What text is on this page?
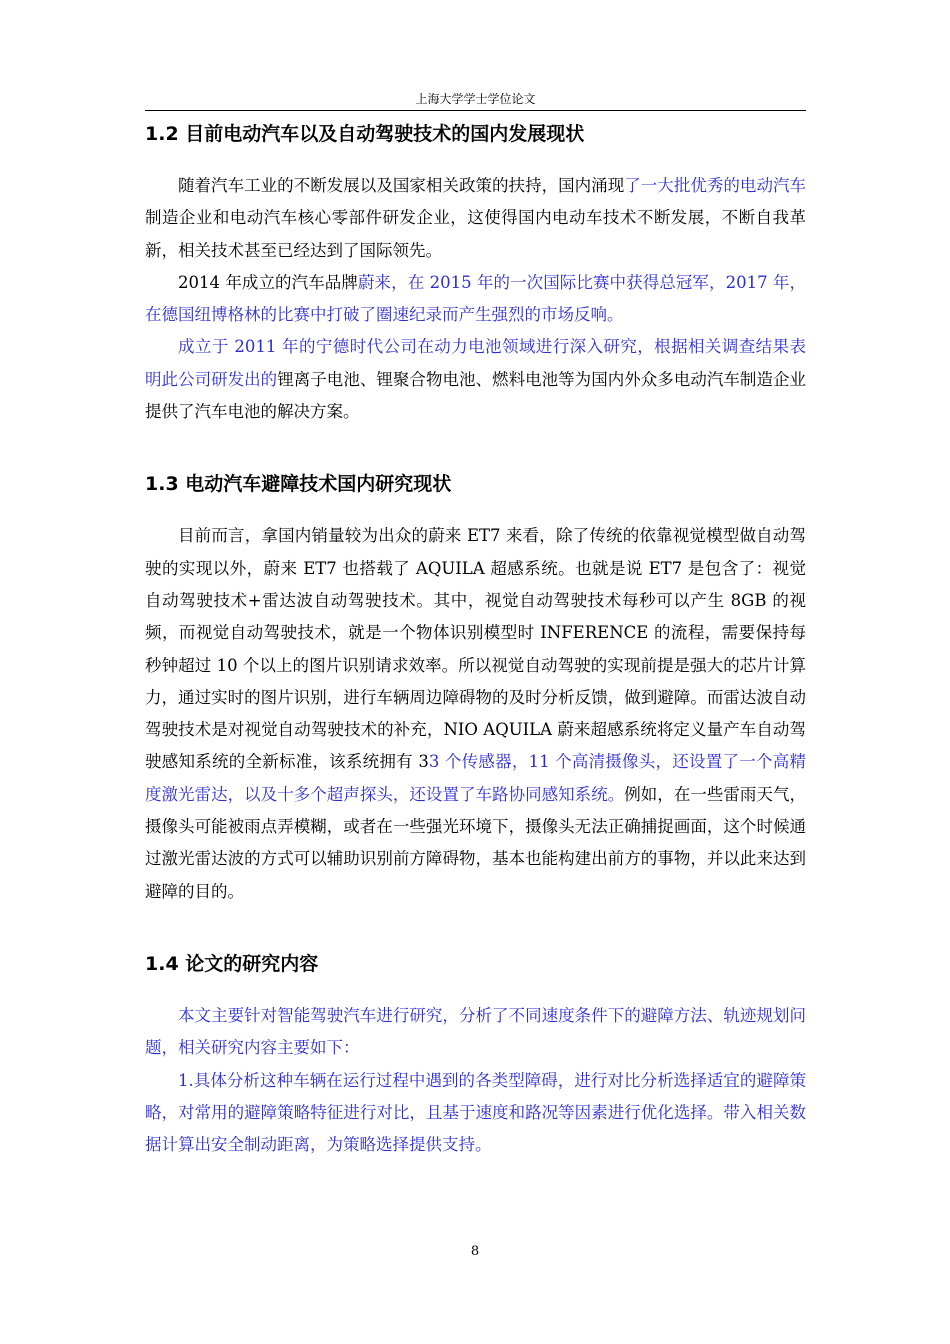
上海大学学士学位论文
1.2 目前电动汽车以及自动驾驶技术的国内发展现状

随着汽车工业的不断发展以及国家相关政策的扶持，国内涌现了一大批优秀的电动汽车制造企业和电动汽车核心零部件研发企业，这使得国内电动车技术不断发展，不断自我革新，相关技术甚至已经达到了国际领先。

2014 年成立的汽车品牌蔚来，在 2015 年的一次国际比赛中获得总冠军，2017 年，在德国纽博格林的比赛中打破了圈速纪录而产生强烈的市场反响。

成立于 2011 年的宁德时代公司在动力电池领域进行深入研究，根据相关调查结果表明此公司研发出的锂离子电池、锂聚合物电池、燃料电池等为国内外众多电动汽车制造企业提供了汽车电池的解决方案。

1.3 电动汽车避障技术国内研究现状

目前而言，拿国内销量较为出众的蔚来 ET7 来看，除了传统的依靠视觉模型做自动驾驶的实现以外，蔚来 ET7 也搭载了 AQUILA 超感系统。也就是说 ET7 是包含了：视觉自动驾驶技术+雷达波自动驾驶技术。其中，视觉自动驾驶技术每秒可以产生 8GB 的视频，而视觉自动驾驶技术，就是一个物体识别模型时 INFERENCE 的流程，需要保持每秒钟超过 10 个以上的图片识别请求效率。所以视觉自动驾驶的实现前提是强大的芯片计算力，通过实时的图片识别，进行车辆周边障碍物的及时分析反馈，做到避障。而雷达波自动驾驶技术是对视觉自动驾驶技术的补充，NIO AQUILA 蔚来超感系统将定义量产车自动驾驶感知系统的全新标准，该系统拥有 33 个传感器，11 个高清摄像头，还设置了一个高精度激光雷达，以及十多个超声探头，还设置了车路协同感知系统。例如，在一些雷雨天气，摄像头可能被雨点弄模糊，或者在一些强光环境下，摄像头无法正确捕捉画面，这个时候通过激光雷达波的方式可以辅助识别前方障碍物，基本也能构建出前方的事物，并以此来达到避障的目的。

1.4 论文的研究内容

本文主要针对智能驾驶汽车进行研究，分析了不同速度条件下的避障方法、轨迹规划问题，相关研究内容主要如下：

1.具体分析这种车辆在运行过程中遇到的各类型障碍，进行对比分析选择适宜的避障策略，对常用的避障策略特征进行对比，且基于速度和路况等因素进行优化选择。带入相关数据计算出安全制动距离，为策略选择提供支持。

8
